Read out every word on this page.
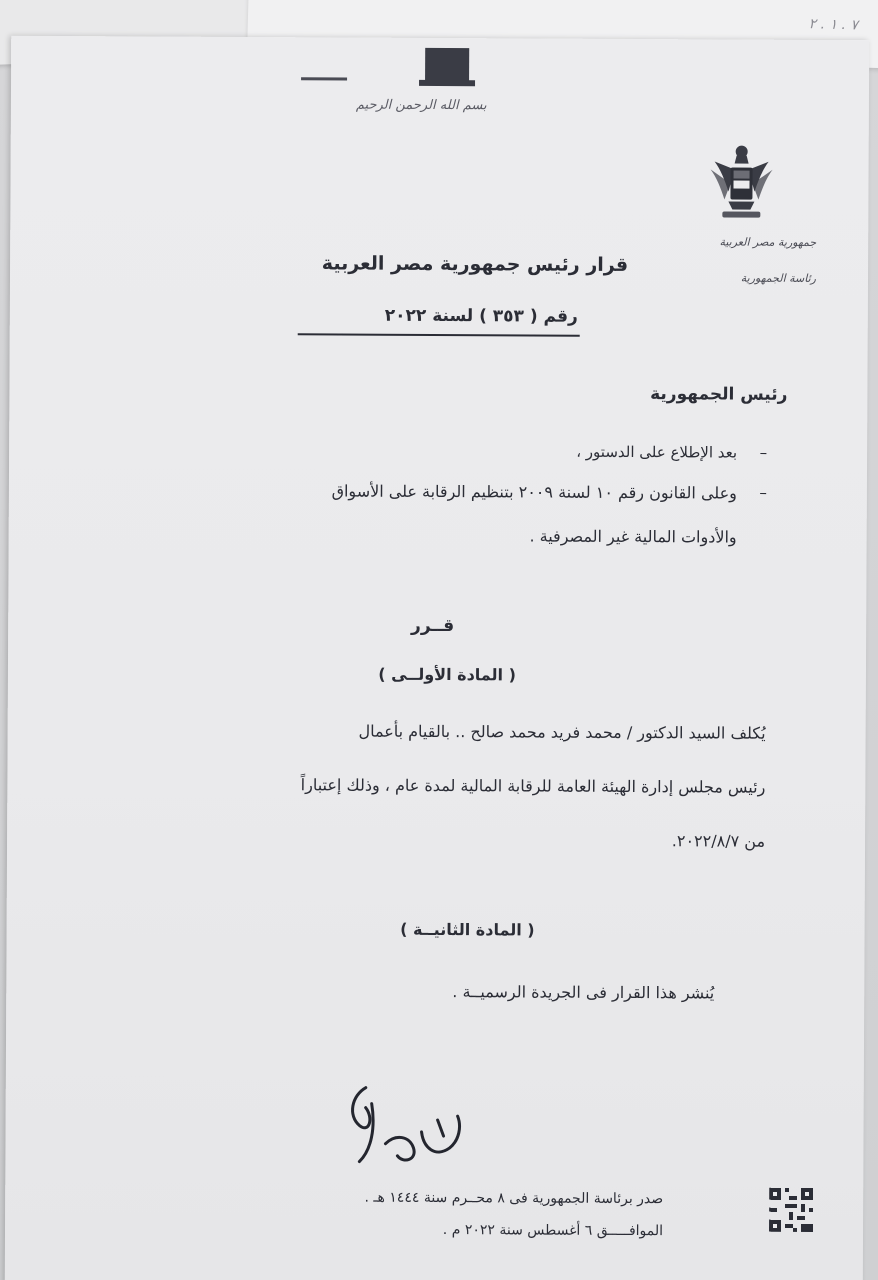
٧ . ١ . ٢
بسم الله الرحمن الرحيم
جمهورية مصر العربية
رئاسة الجمهورية
قرار رئيس جمهورية مصر العربية
رقم ( ٣٥٣ ) لسنة ٢٠٢٢
رئيس الجمهورية
–
بعد الإطلاع على الدستور ،
–
وعلى القانون رقم ١٠ لسنة ٢٠٠٩ بتنظيم الرقابة على الأسواق
والأدوات المالية غير المصرفية .
قــرر
( المادة الأولــى )
يُكلف السيد الدكتور / محمد فريد محمد صالح .. بالقيام بأعمال
رئيس مجلس إدارة الهيئة العامة للرقابة المالية لمدة عام ، وذلك إعتباراً
من ٢٠٢٢/٨/٧.
( المادة الثانيــة )
يُنشر هذا القرار فى الجريدة الرسميــة .
صدر برئاسة الجمهورية فى ٨ محــرم سنة ١٤٤٤ هـ .
الموافـــــق ٦ أغسطس سنة ٢٠٢٢ م .
